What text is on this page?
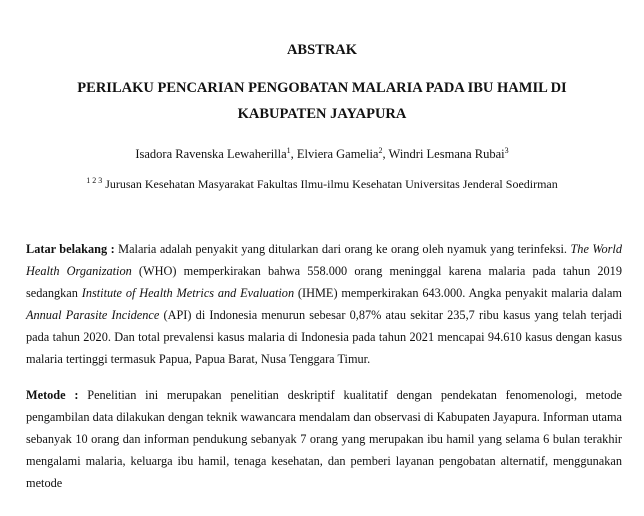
ABSTRAK
PERILAKU PENCARIAN PENGOBATAN MALARIA PADA IBU HAMIL DI
KABUPATEN JAYAPURA
Isadora Ravenska Lewaherilla$^1$, Elviera Gamelia$^2$, Windri Lesmana Rubai$^3$
$^{1 2 3}$ Jurusan Kesehatan Masyarakat Fakultas Ilmu-ilmu Kesehatan Universitas Jenderal Soedirman
Latar belakang : Malaria adalah penyakit yang ditularkan dari orang ke orang oleh nyamuk yang terinfeksi. The World Health Organization (WHO) memperkirakan bahwa 558.000 orang meninggal karena malaria pada tahun 2019 sedangkan Institute of Health Metrics and Evaluation (IHME) memperkirakan 643.000. Angka penyakit malaria dalam Annual Parasite Incidence (API) di Indonesia menurun sebesar 0,87% atau sekitar 235,7 ribu kasus yang telah terjadi pada tahun 2020. Dan total prevalensi kasus malaria di Indonesia pada tahun 2021 mencapai 94.610 kasus dengan kasus malaria tertinggi termasuk Papua, Papua Barat, Nusa Tenggara Timur.
Metode : Penelitian ini merupakan penelitian deskriptif kualitatif dengan pendekatan fenomenologi, metode pengambilan data dilakukan dengan teknik wawancara mendalam dan observasi di Kabupaten Jayapura. Informan utama sebanyak 10 orang dan informan pendukung sebanyak 7 orang yang merupakan ibu hamil yang selama 6 bulan terakhir mengalami malaria, keluarga ibu hamil, tenaga kesehatan, dan pemberi layanan pengobatan alternatif, menggunakan metode
